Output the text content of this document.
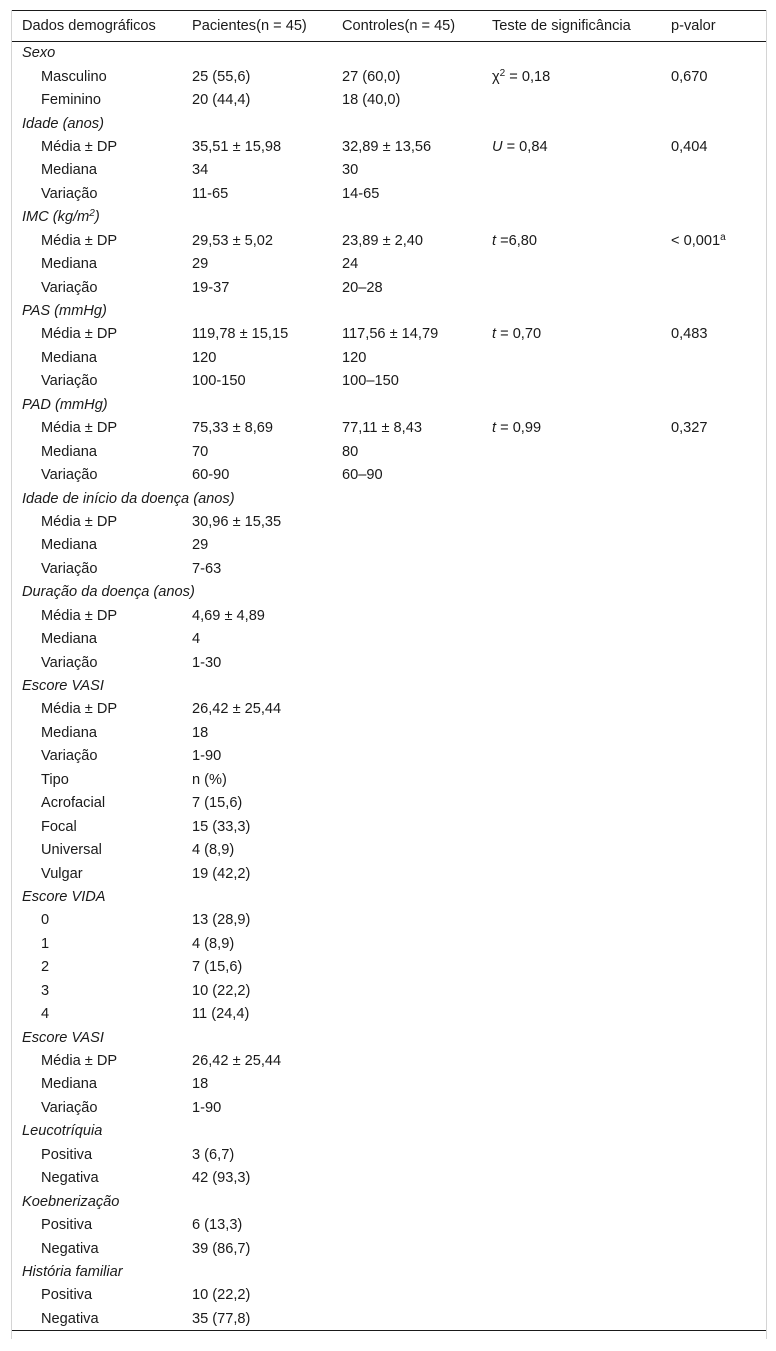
Dados demográficos	Pacientes(n = 45)	Controles(n = 45)	Teste de significância	p-valor
Sexo				
Masculino	25 (55,6)	27 (60,0)	$\chi^2 = 0,18$	0,670
Feminino	20 (44,4)	18 (40,0)		
Idade (anos)				
Média ± DP	35,51 ± 15,98	32,89 ± 13,56	U = 0,84	0,404
Mediana	34	30		
Variação	11-65	14-65		
IMC $(kg/m^2)$				
Média ± DP	29,53 ± 5,02	23,89 ± 2,40	t =6,80	< 0,001$^a$
Mediana	29	24		
Variação	19-37	20–28		
PAS (mmHg)				
Média ± DP	119,78 ± 15,15	117,56 ± 14,79	t = 0,70	0,483
Mediana	120	120		
Variação	100-150	100–150		
PAD (mmHg)				
Média ± DP	75,33 ± 8,69	77,11 ± 8,43	t = 0,99	0,327
Mediana	70	80		
Variação	60-90	60–90		
Idade de início da doença (anos)				
Média ± DP	30,96 ± 15,35			
Mediana	29			
Variação	7-63			
Duração da doença (anos)				
Média ± DP	4,69 ± 4,89			
Mediana	4			
Variação	1-30			
Escore VASI				
Média ± DP	26,42 ± 25,44			
Mediana	18			
Variação	1-90			
Tipo	n (%)			
Acrofacial	7 (15,6)			
Focal	15 (33,3)			
Universal	4 (8,9)			
Vulgar	19 (42,2)			
Escore VIDA				
0	13 (28,9)			
1	4 (8,9)			
2	7 (15,6)			
3	10 (22,2)			
4	11 (24,4)			
Escore VASI				
Média ± DP	26,42 ± 25,44			
Mediana	18			
Variação	1-90			
Leucotríquia				
Positiva	3 (6,7)			
Negativa	42 (93,3)			
Koebnerização				
Positiva	6 (13,3)			
Negativa	39 (86,7)			
História familiar				
Positiva	10 (22,2)			
Negativa	35 (77,8)			
